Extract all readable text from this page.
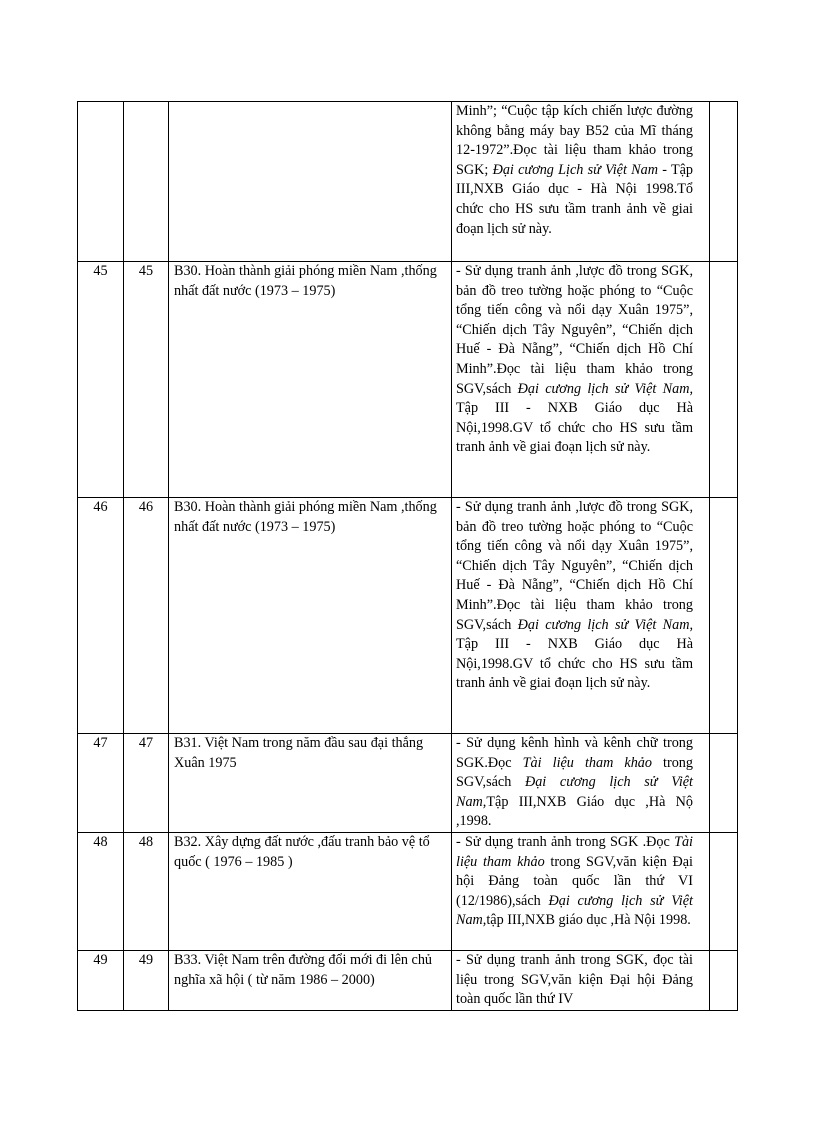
			Minh”; “Cuộc tập kích chiến lược đường không bằng máy bay B52 của Mĩ tháng 12-1972”.Đọc tài liệu tham khảo trong SGK; Đại cương Lịch sử Việt Nam - Tập III,NXB Giáo dục - Hà Nội 1998.Tổ chức cho HS sưu tầm tranh ảnh về giai đoạn lịch sử này.	
45	45	B30. Hoàn thành giải phóng miền Nam ,thống nhất đất nước (1973 – 1975)	- Sử dụng tranh ảnh ,lược đồ trong SGK, bản đồ treo tường hoặc phóng to “Cuộc tổng tiến công và nổi dạy Xuân 1975”, “Chiến dịch Tây Nguyên”, “Chiến dịch Huế - Đà Nẵng”, “Chiến dịch Hồ Chí Minh”.Đọc tài liệu tham khảo trong SGV,sách Đại cương lịch sử Việt Nam, Tập III - NXB Giáo dục Hà Nội,1998.GV tổ chức cho HS sưu tầm tranh ảnh về giai đoạn lịch sử này.	
46	46	B30. Hoàn thành giải phóng miền Nam ,thống nhất đất nước (1973 – 1975)	- Sử dụng tranh ảnh ,lược đồ trong SGK, bản đồ treo tường hoặc phóng to “Cuộc tổng tiến công và nổi dạy Xuân 1975”, “Chiến dịch Tây Nguyên”, “Chiến dịch Huế - Đà Nẵng”, “Chiến dịch Hồ Chí Minh”.Đọc tài liệu tham khảo trong SGV,sách Đại cương lịch sử Việt Nam, Tập III - NXB Giáo dục Hà Nội,1998.GV tổ chức cho HS sưu tầm tranh ảnh về giai đoạn lịch sử này.	
47	47	B31. Việt Nam trong năm đầu sau đại thắng Xuân 1975	- Sử dụng kênh hình và kênh chữ trong SGK.Đọc Tài liệu tham khảo trong SGV,sách Đại cương lịch sử Việt Nam,Tập III,NXB Giáo dục ,Hà Nộ ,1998.	
48	48	B32. Xây dựng đất nước ,đấu tranh bảo vệ tổ quốc ( 1976 – 1985 )	- Sử dụng tranh ảnh trong SGK .Đọc Tài liệu tham khảo trong SGV,văn kiện Đại hội Đảng toàn quốc lần thứ VI (12/1986),sách Đại cương lịch sử Việt Nam,tập III,NXB giáo dục ,Hà Nội 1998.	
49	49	B33. Việt Nam trên đường đổi mới đi lên chủ nghĩa xã hội ( từ năm 1986 – 2000)	- Sử dụng tranh ảnh trong SGK, đọc tài liệu trong SGV,văn kiện Đại hội Đảng toàn quốc lần thứ IV	
